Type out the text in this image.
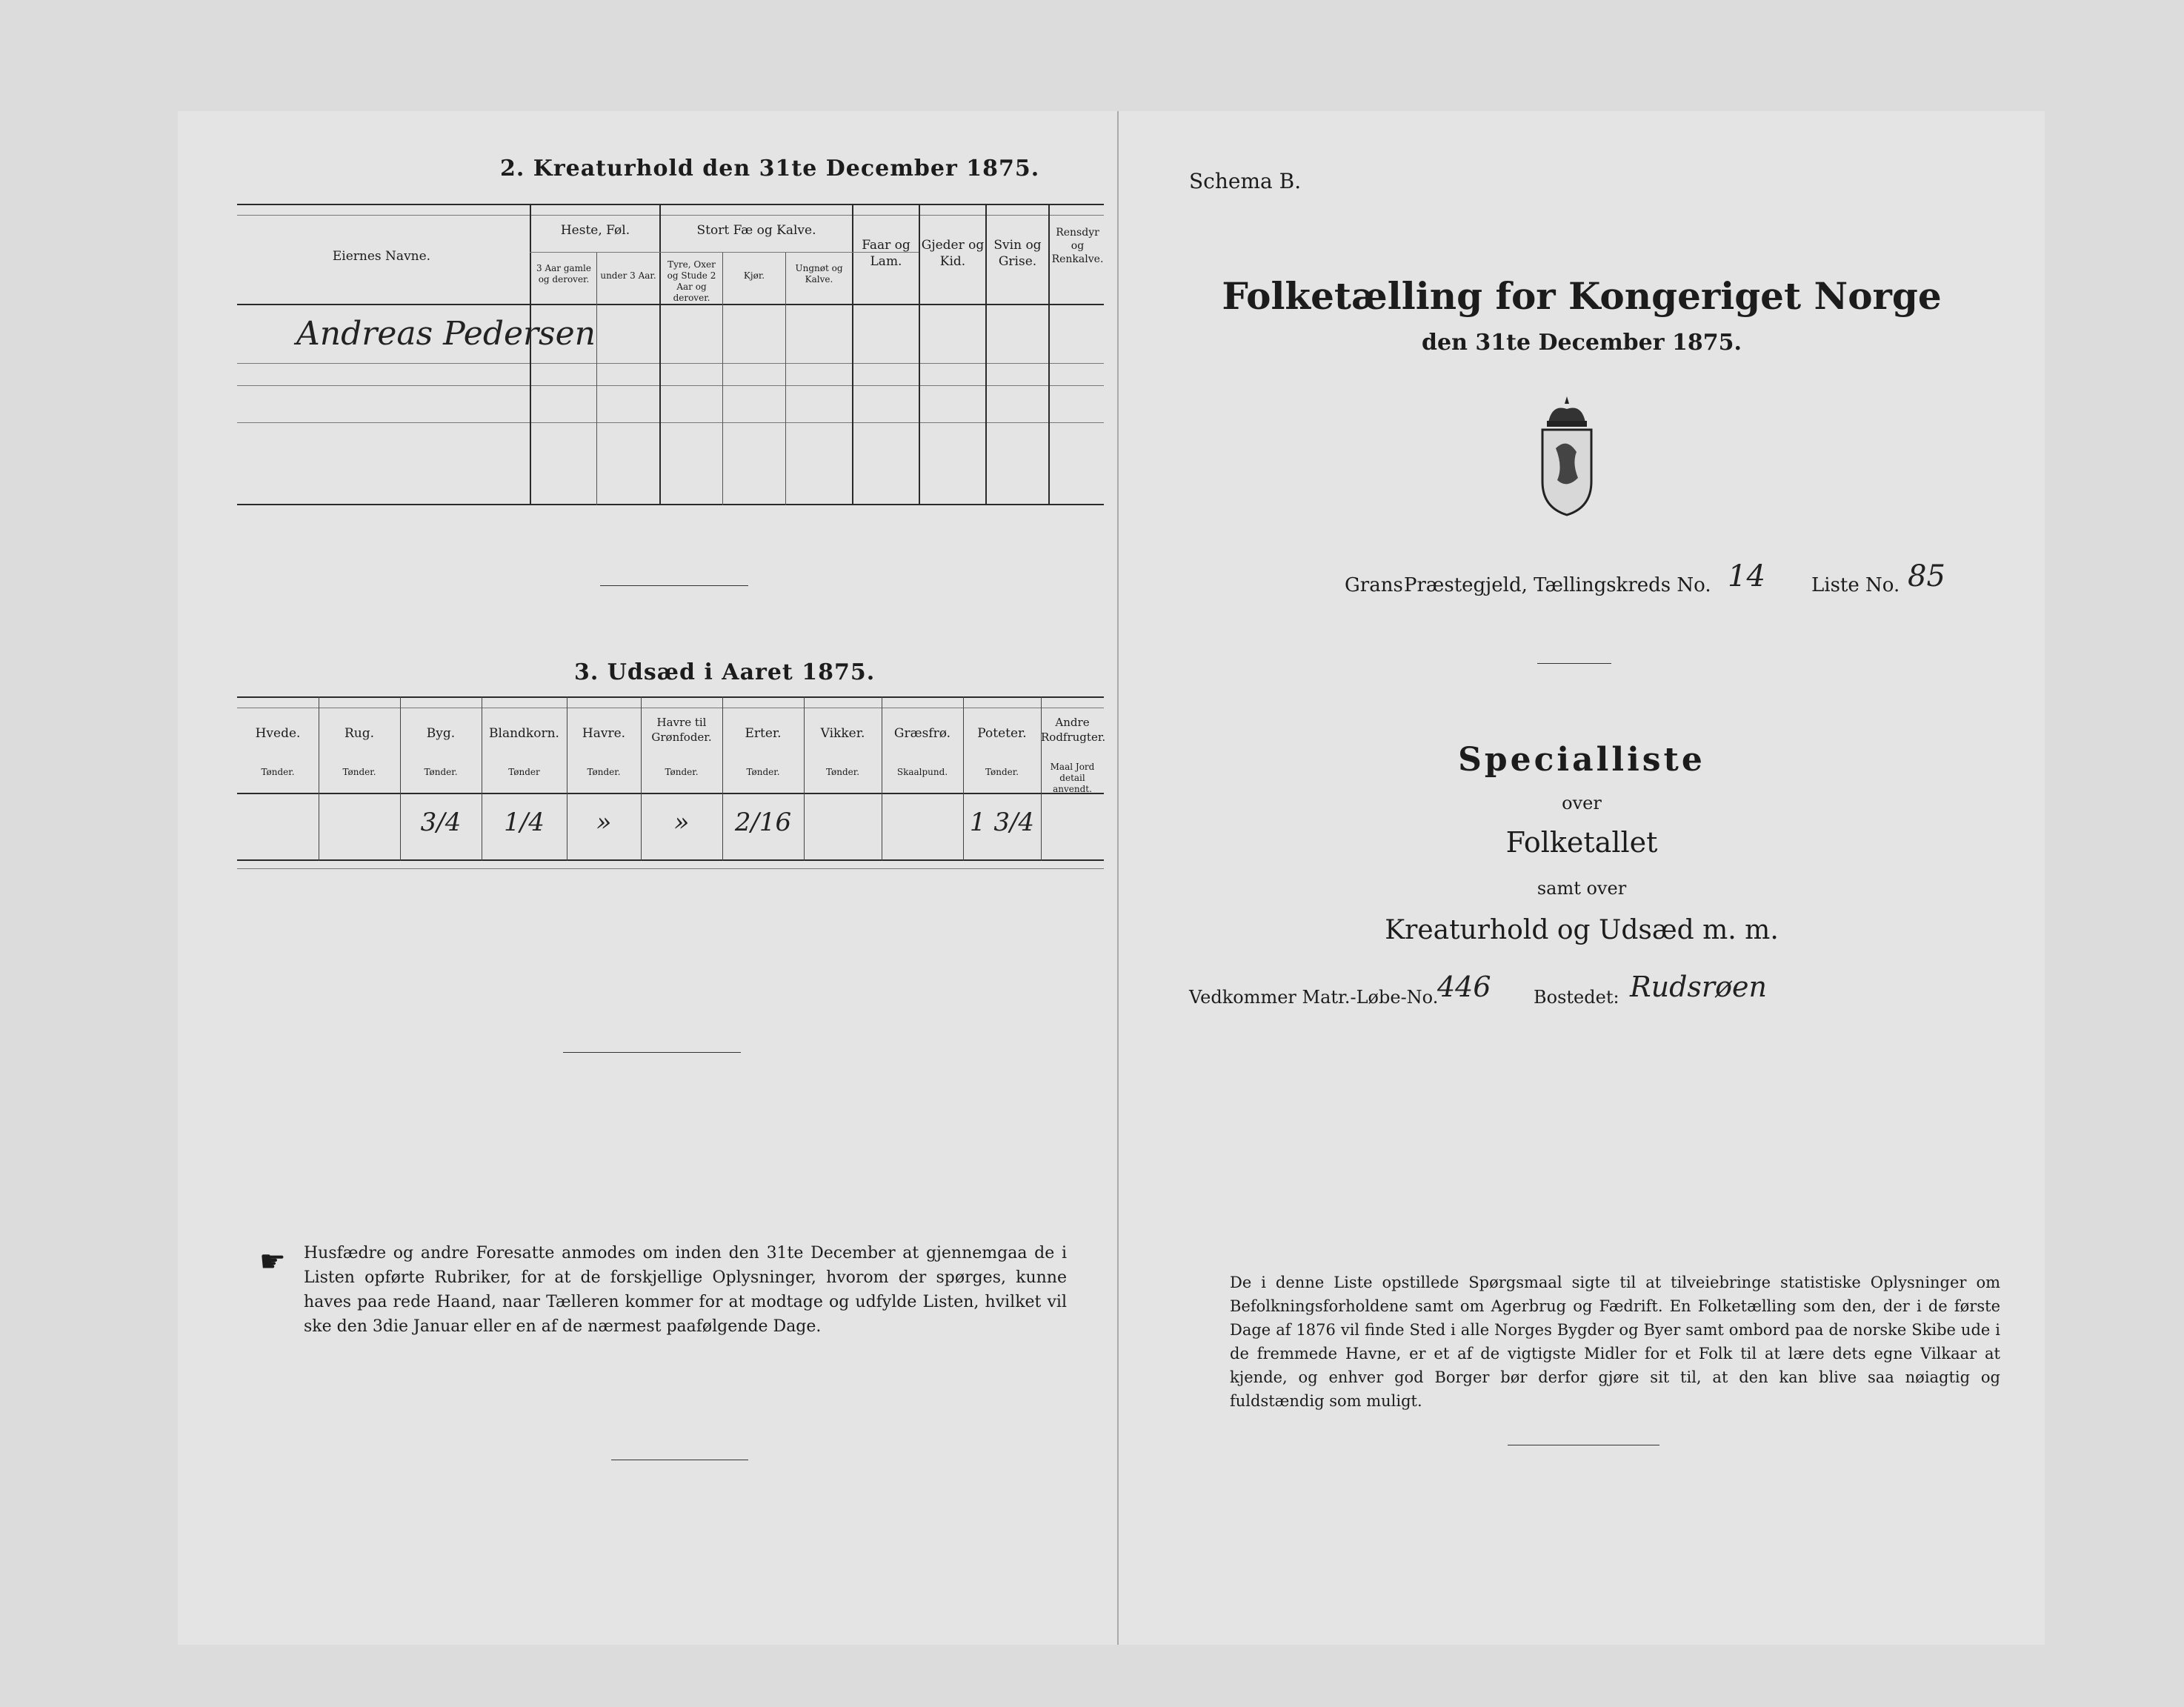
2. Kreaturhold den 31te December 1875.
Eiernes Navne.
Heste, Føl.
3 Aar gamle og derover.	under 3 Aar.
Stort Fæ og Kalve.
Tyre, Oxer og Stude 2 Aar og derover.
Kjør.
Ungnøt og Kalve.
Faar og Lam.
Gjeder og Kid.
Svin og Grise.
Rensdyr og Renkalve.
Andreas Pedersen
3. Udsæd i Aaret 1875.
Hvede.
Tønder.
Rug.
Tønder.
Byg.
Tønder.
3/4
Blandkorn.
Tønder
1/4
Havre.
Tønder.
»
Havre til Grønfoder.
Tønder.
»
Erter.
Tønder.
2/16
Vikker.
Tønder.
Græsfrø.
Skaalpund.
Poteter.
Tønder.
1 3/4
Andre Rodfrugter.
Maal Jord detail anvendt.
☛ Husfædre og andre Foresatte anmodes om inden den 31te December at gjennemgaa de i Listen opførte Rubriker, for at de forskjellige Oplysninger, hvorom der spørges, kunne haves paa rede Haand, naar Tælleren kommer for at modtage og udfylde Listen, hvilket vil ske den 3die Januar eller en af de nærmest paafølgende Dage.
Schema B.
Folketælling for Kongeriget Norge
den 31te December 1875.
Grans Præstegjeld, Tællingskreds No. 14 Liste No. 85
Specialliste
over
Folketallet
samt over
Kreaturhold og Udsæd m. m.
Vedkommer Matr.-Løbe-No.
446 Bostedet: Rudsrøen
De i denne Liste opstillede Spørgsmaal sigte til at tilveiebringe statistiske Oplysninger om Befolkningsforholdene samt om Agerbrug og Fædrift. En Folketælling som den, der i de første Dage af 1876 vil finde Sted i alle Norges Bygder og Byer samt ombord paa de norske Skibe ude i de fremmede Havne, er et af de vigtigste Midler for et Folk til at lære dets egne Vilkaar at kjende, og enhver god Borger bør derfor gjøre sit til, at den kan blive saa nøiagtig og fuldstændig som muligt.
